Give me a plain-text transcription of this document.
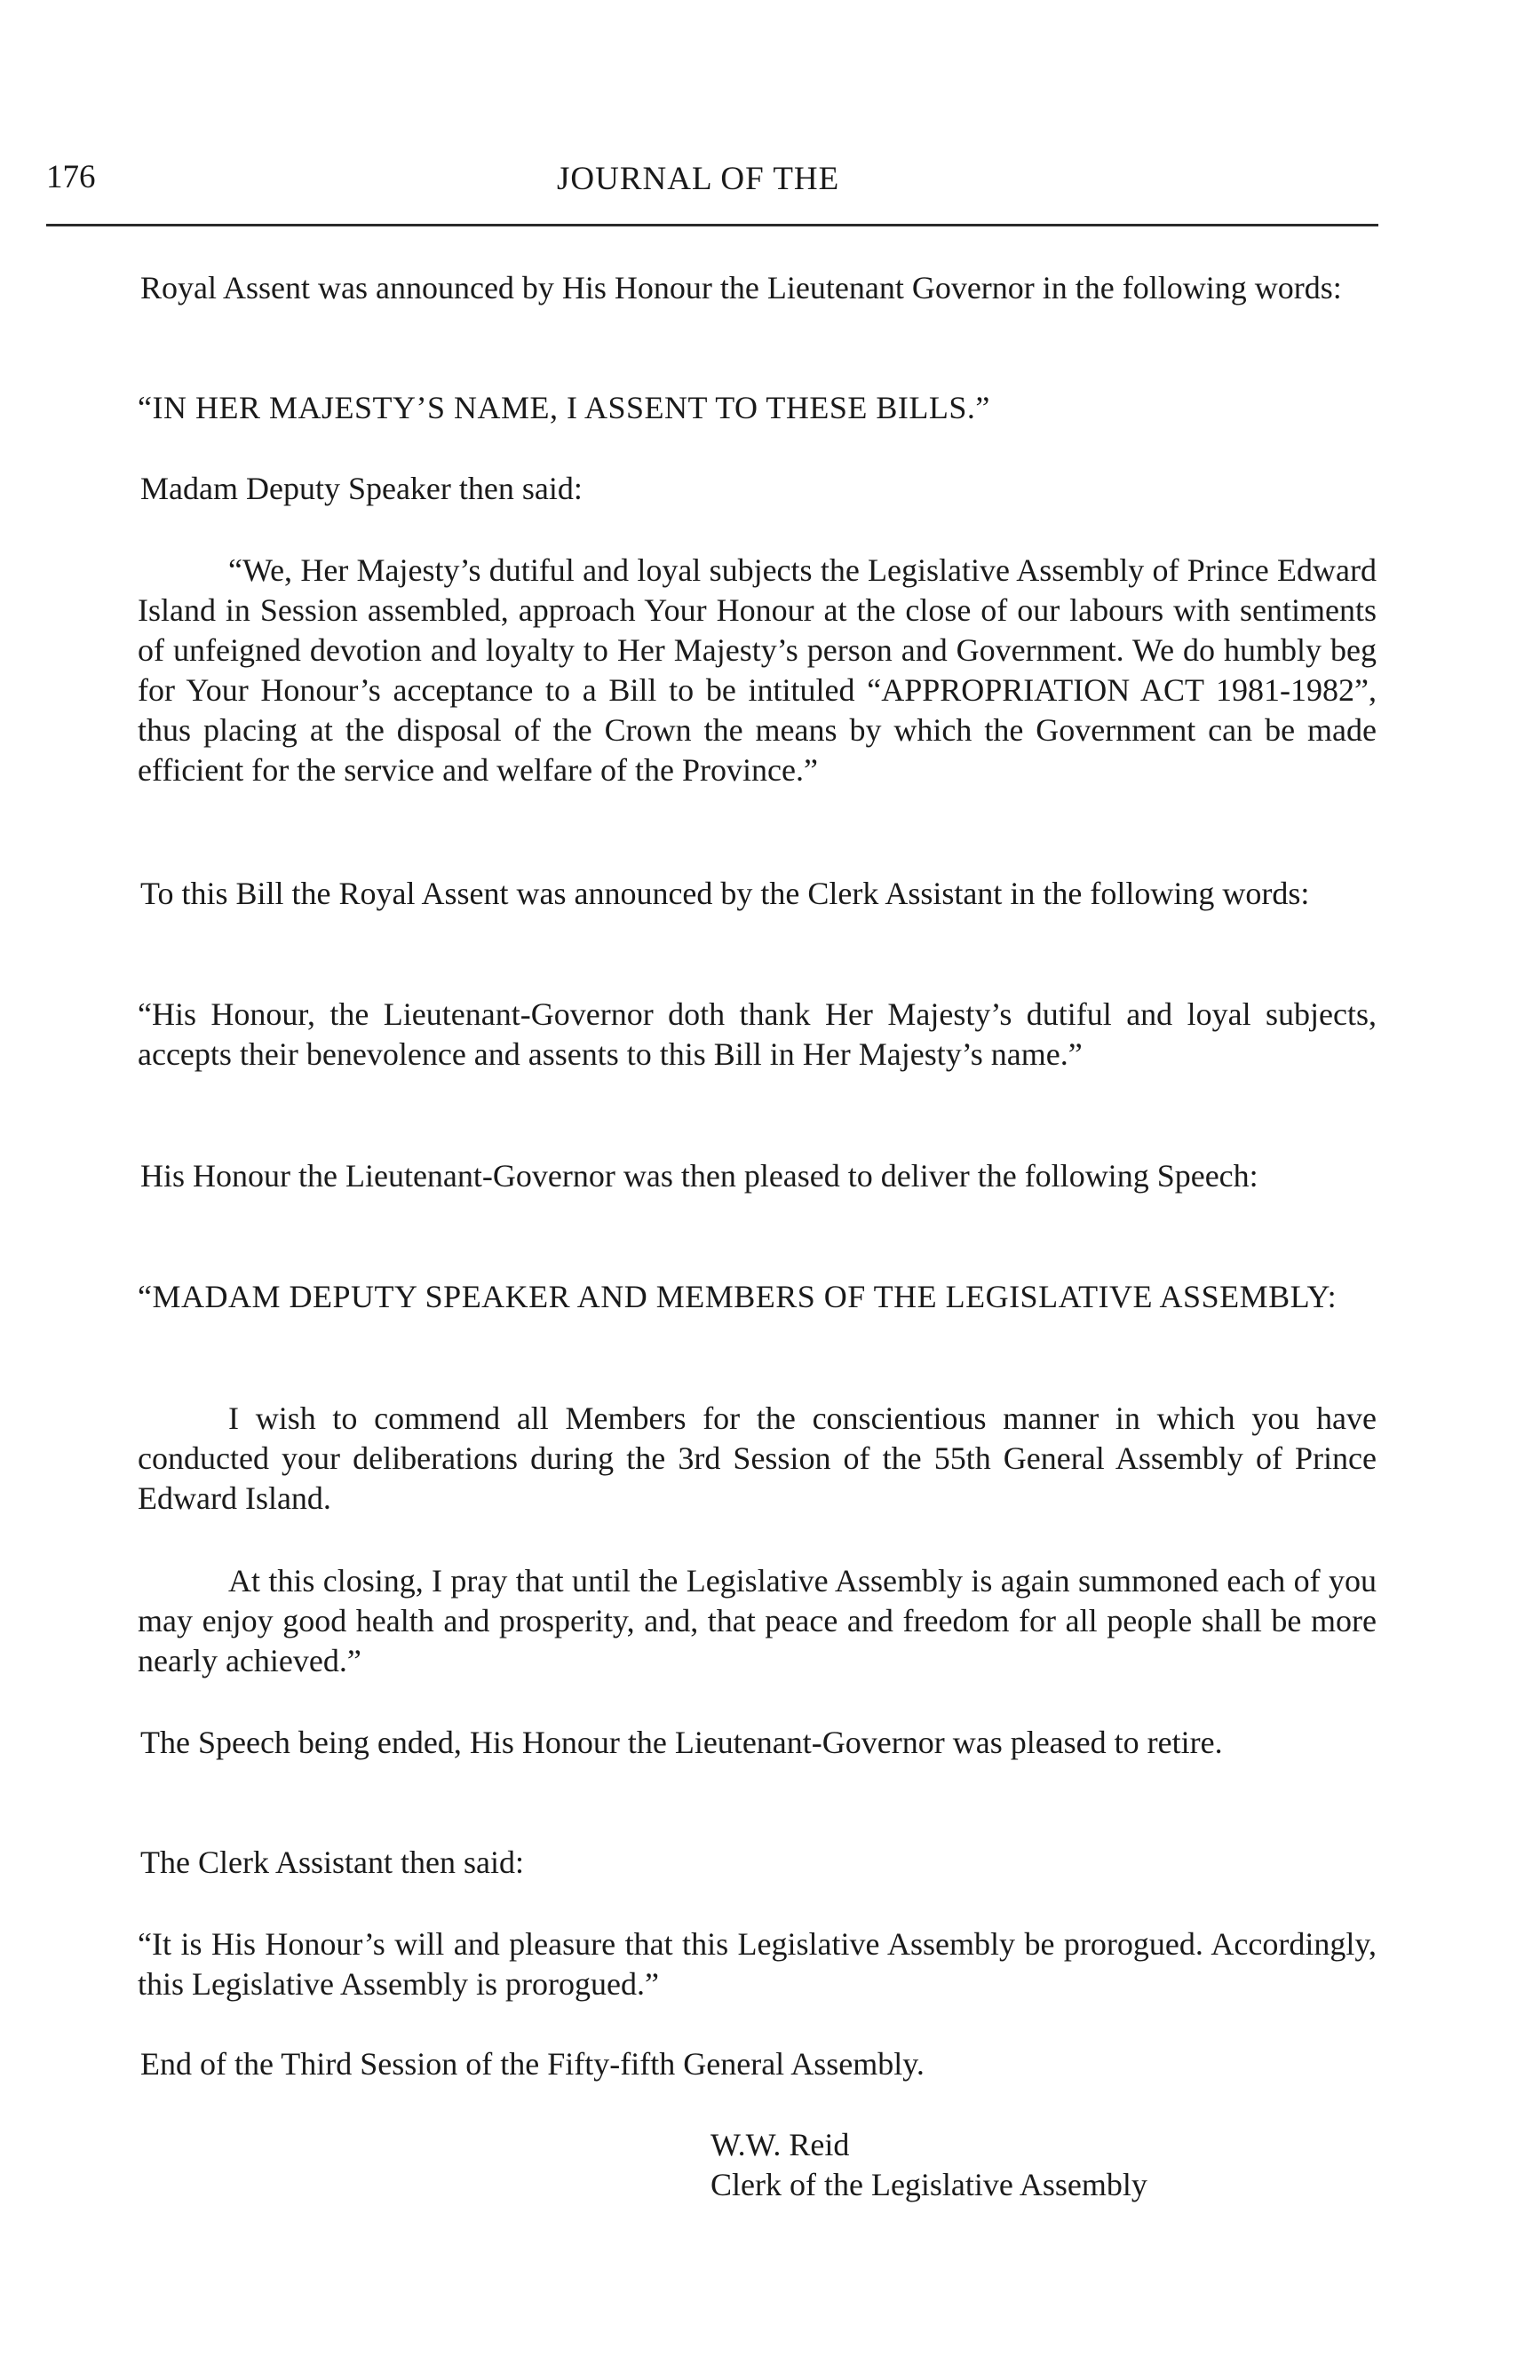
176	JOURNAL OF THE

Royal Assent was announced by His Honour the Lieutenant Governor in the following words:

“IN HER MAJESTY’S NAME, I ASSENT TO THESE BILLS.”

Madam Deputy Speaker then said:

“We, Her Majesty’s dutiful and loyal subjects the Legislative Assembly of Prince Edward Island in Session assembled, approach Your Honour at the close of our labours with sentiments of unfeigned devotion and loyalty to Her Majesty’s person and Government. We do humbly beg for Your Honour’s acceptance to a Bill to be intituled “APPROPRIATION ACT 1981-1982”, thus placing at the disposal of the Crown the means by which the Government can be made efficient for the service and welfare of the Province.”

To this Bill the Royal Assent was announced by the Clerk Assistant in the following words:

“His Honour, the Lieutenant-Governor doth thank Her Majesty’s dutiful and loyal subjects, accepts their benevolence and assents to this Bill in Her Majesty’s name.”

His Honour the Lieutenant-Governor was then pleased to deliver the following Speech:

“MADAM DEPUTY SPEAKER AND MEMBERS OF THE LEGISLATIVE ASSEMBLY:

I wish to commend all Members for the conscientious manner in which you have conducted your deliberations during the 3rd Session of the 55th General Assembly of Prince Edward Island.

At this closing, I pray that until the Legislative Assembly is again summoned each of you may enjoy good health and prosperity, and, that peace and freedom for all people shall be more nearly achieved.”

The Speech being ended, His Honour the Lieutenant-Governor was pleased to retire.

The Clerk Assistant then said:

“It is His Honour’s will and pleasure that this Legislative Assembly be prorogued. Accordingly, this Legislative Assembly is prorogued.”

End of the Third Session of the Fifty-fifth General Assembly.

W.W. Reid
Clerk of the Legislative Assembly
